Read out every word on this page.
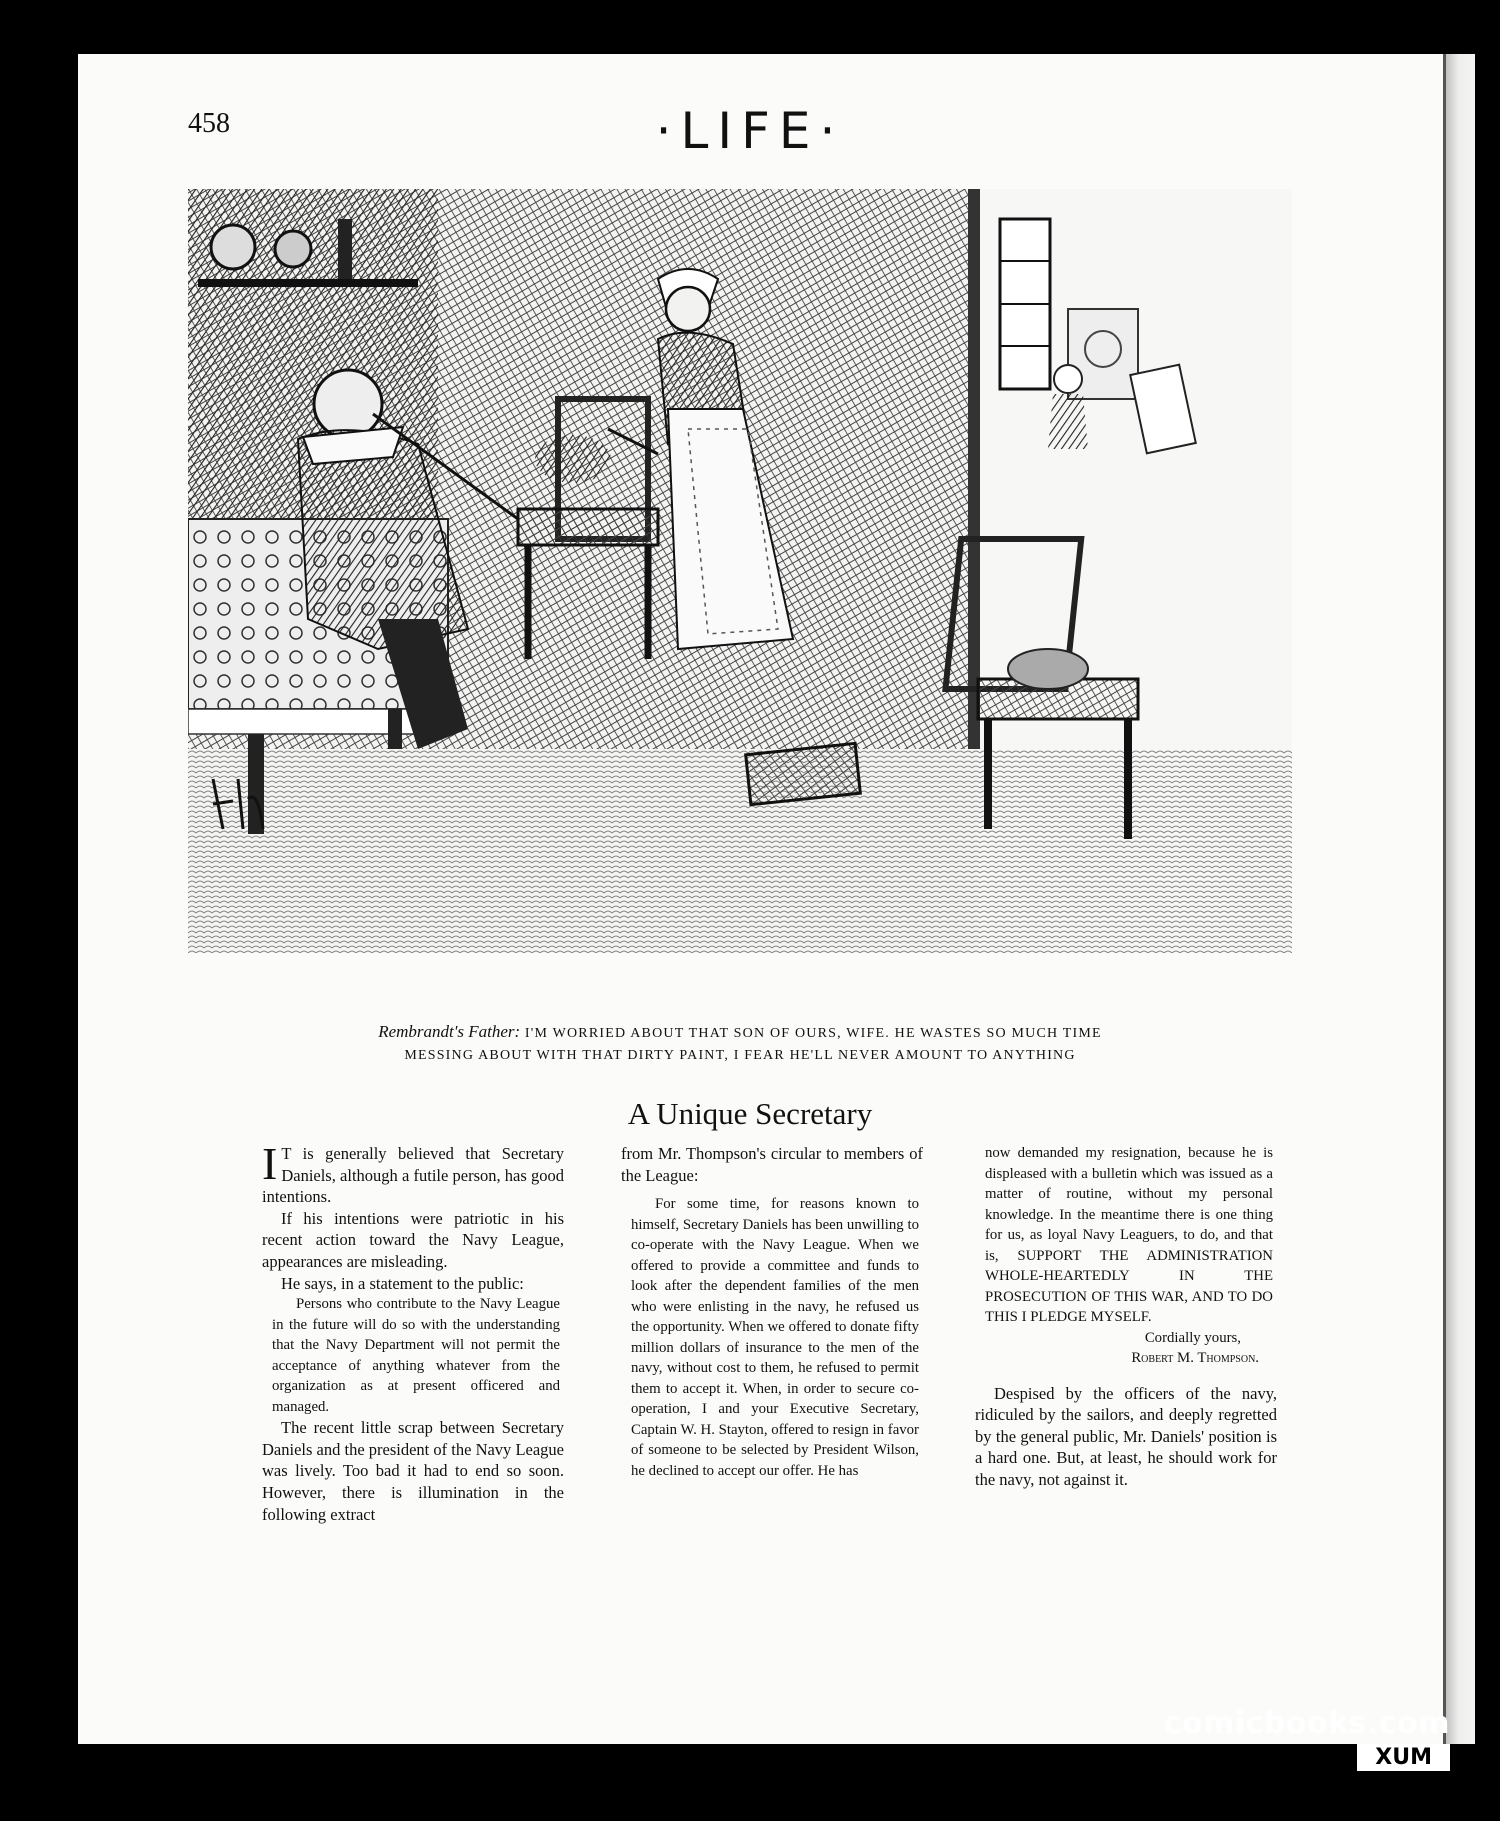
458	·LIFE·
Rembrandt's Father: I'M WORRIED ABOUT THAT SON OF OURS, WIFE. HE WASTES SO MUCH TIME
MESSING ABOUT WITH THAT DIRTY PAINT, I FEAR HE'LL NEVER AMOUNT TO ANYTHING
A Unique Secretary

I T is generally believed that Secretary Daniels, although a futile person, has good intentions.

If his intentions were patriotic in his recent action toward the Navy League, appearances are misleading.

He says, in a statement to the public:

Persons who contribute to the Navy League in the future will do so with the understanding that the Navy Department will not permit the acceptance of anything whatever from the organization as at present officered and managed.

The recent little scrap between Secretary Daniels and the president of the Navy League was lively. Too bad it had to end so soon. However, there is illumination in the following extract

from Mr. Thompson's circular to members of the League:

For some time, for reasons known to himself, Secretary Daniels has been unwilling to co-operate with the Navy League. When we offered to provide a committee and funds to look after the dependent families of the men who were enlisting in the navy, he refused us the opportunity. When we offered to donate fifty million dollars of insurance to the men of the navy, without cost to them, he refused to permit them to accept it. When, in order to secure co-operation, I and your Executive Secretary, Captain W. H. Stayton, offered to resign in favor of someone to be selected by President Wilson, he declined to accept our offer. He has

now demanded my resignation, because he is displeased with a bulletin which was issued as a matter of routine, without my personal knowledge. In the meantime there is one thing for us, as loyal Navy Leaguers, to do, and that is, SUPPORT THE ADMINISTRATION WHOLE-HEARTEDLY IN THE PROSECUTION OF THIS WAR, AND TO DO THIS I PLEDGE MYSELF.

Cordially yours,

Robert M. Thompson.

Despised by the officers of the navy, ridiculed by the sailors, and deeply regretted by the general public, Mr. Daniels' position is a hard one. But, at least, he should work for the navy, not against it.

comicbooks.com
XUM
